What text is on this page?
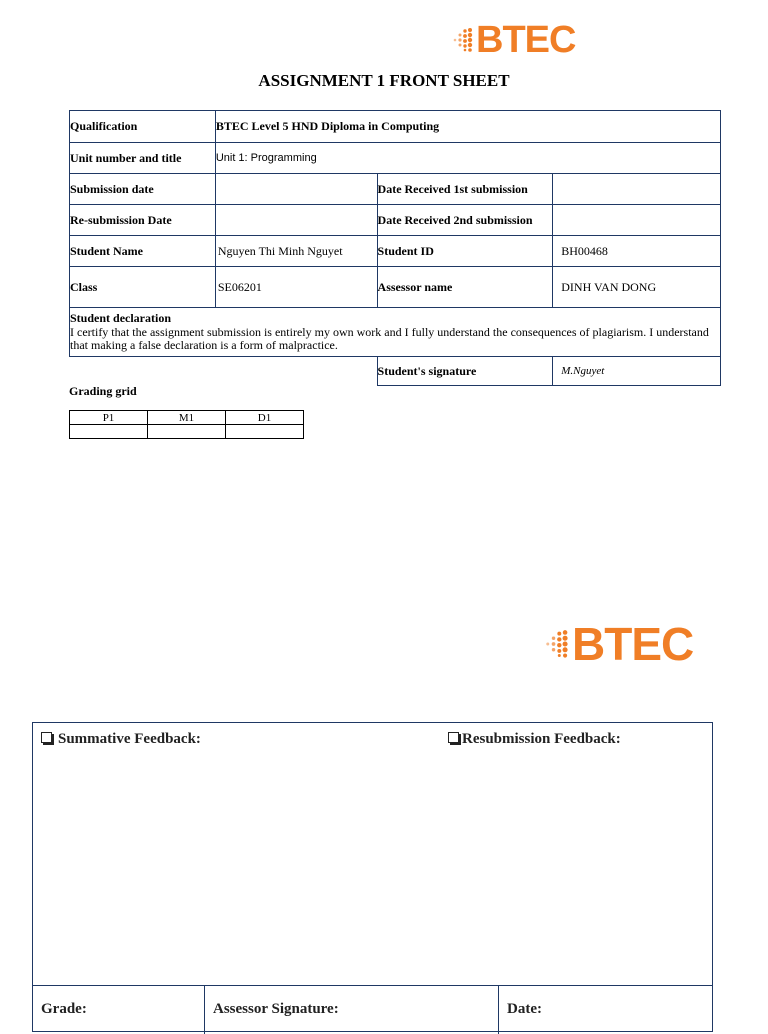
BTEC
ASSIGNMENT 1 FRONT SHEET
Qualification	BTEC Level 5 HND Diploma in Computing		
Unit number and title	Unit 1: Programming		
Submission date		Date Received 1st submission	
Re-submission Date		Date Received 2nd submission	
Student Name	Nguyen Thi Minh Nguyet	Student ID	BH00468
Class	SE06201	Assessor name	DINH VAN DONG

Student declaration
I certify that the assignment submission is entirely my own work and I fully understand the consequences of plagiarism. I understand that making a false declaration is a form of malpractice.			

		Student's signature	M.Nguyet
Grading grid
P1	M1	D1

BTEC
Summative Feedback:	Resubmission Feedback:
Grade:	Assessor Signature:	Date:
